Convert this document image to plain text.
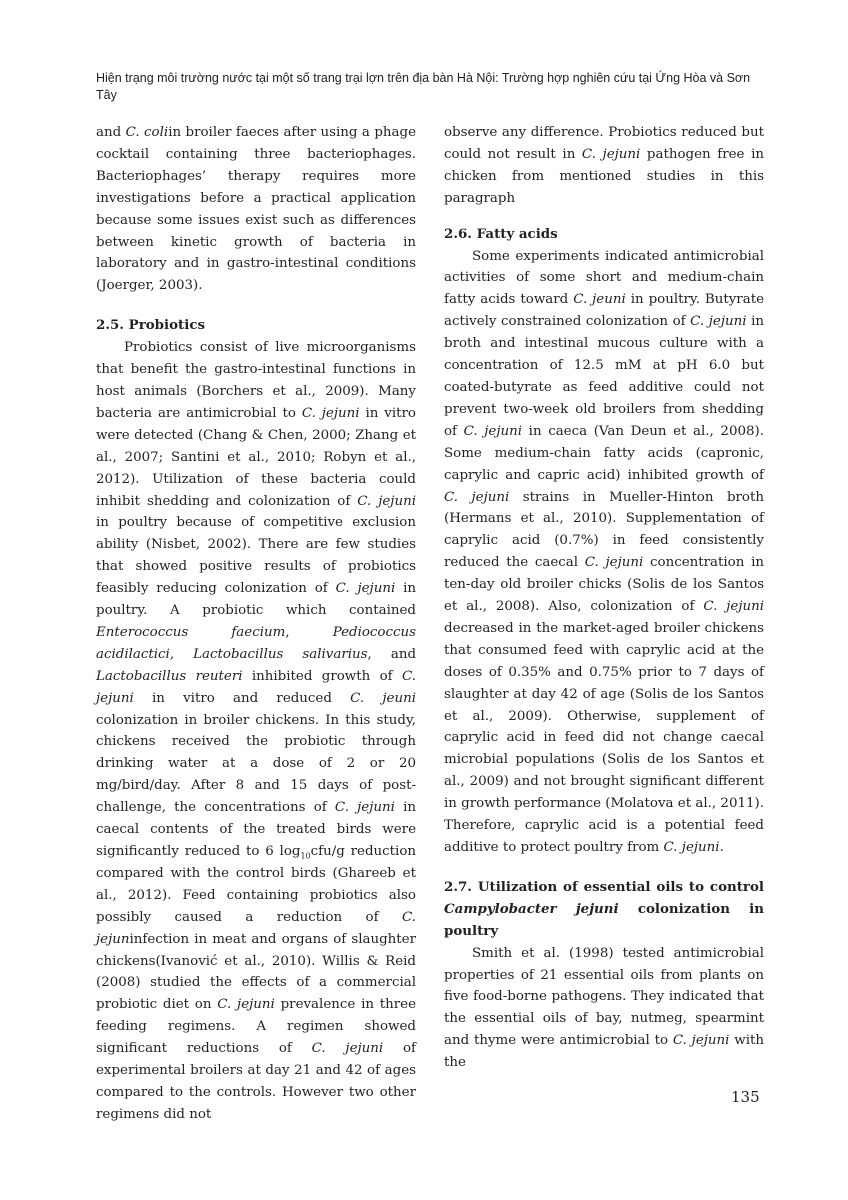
Hiện trạng môi trường nước tại một số trang trại lợn trên địa bàn Hà Nội: Trường hợp nghiên cứu tại Ứng Hòa và Sơn Tây

and C. coliin broiler faeces after using a phage cocktail containing three bacteriophages. Bacteriophages’ therapy requires more investigations before a practical application because some issues exist such as differences between kinetic growth of bacteria in laboratory and in gastro-intestinal conditions (Joerger, 2003).

2.5. Probiotics

Probiotics consist of live microorganisms that benefit the gastro-intestinal functions in host animals (Borchers et al., 2009). Many bacteria are antimicrobial to C. jejuni in vitro were detected (Chang & Chen, 2000; Zhang et al., 2007; Santini et al., 2010; Robyn et al., 2012). Utilization of these bacteria could inhibit shedding and colonization of C. jejuni in poultry because of competitive exclusion ability (Nisbet, 2002). There are few studies that showed positive results of probiotics feasibly reducing colonization of C. jejuni in poultry. A probiotic which contained Enterococcus faecium, Pediococcus acidilactici, Lactobacillus salivarius, and Lactobacillus reuteri inhibited growth of C. jejuni in vitro and reduced C. jeuni colonization in broiler chickens. In this study, chickens received the probiotic through drinking water at a dose of 2 or 20 mg/bird/day. After 8 and 15 days of post-challenge, the concentrations of C. jejuni in caecal contents of the treated birds were significantly reduced to 6 $\log_{10}cfu/g$ reduction compared with the control birds (Ghareeb et al., 2012). Feed containing probiotics also possibly caused a reduction of C. jejuninfection in meat and organs of slaughter chickens(Ivanović et al., 2010). Willis & Reid (2008) studied the effects of a commercial probiotic diet on C. jejuni prevalence in three feeding regimens. A regimen showed significant reductions of C. jejuni of experimental broilers at day 21 and 42 of ages compared to the controls. However two other regimens did not

observe any difference. Probiotics reduced but could not result in C. jejuni pathogen free in chicken from mentioned studies in this paragraph

2.6. Fatty acids

Some experiments indicated antimicrobial activities of some short and medium-chain fatty acids toward C. jeuni in poultry. Butyrate actively constrained colonization of C. jejuni in broth and intestinal mucous culture with a concentration of 12.5 mM at pH 6.0 but coated-butyrate as feed additive could not prevent two-week old broilers from shedding of C. jejuni in caeca (Van Deun et al., 2008). Some medium-chain fatty acids (capronic, caprylic and capric acid) inhibited growth of C. jejuni strains in Mueller-Hinton broth (Hermans et al., 2010). Supplementation of caprylic acid (0.7%) in feed consistently reduced the caecal C. jejuni concentration in ten-day old broiler chicks (Solis de los Santos et al., 2008). Also, colonization of C. jejuni decreased in the market-aged broiler chickens that consumed feed with caprylic acid at the doses of 0.35% and 0.75% prior to 7 days of slaughter at day 42 of age (Solis de los Santos et al., 2009). Otherwise, supplement of caprylic acid in feed did not change caecal microbial populations (Solis de los Santos et al., 2009) and not brought significant different in growth performance (Molatova et al., 2011). Therefore, caprylic acid is a potential feed additive to protect poultry from C. jejuni.

2.7. Utilization of essential oils to control Campylobacter jejuni colonization in poultry

Smith et al. (1998) tested antimicrobial properties of 21 essential oils from plants on five food-borne pathogens. They indicated that the essential oils of bay, nutmeg, spearmint and thyme were antimicrobial to C. jejuni with the

135
